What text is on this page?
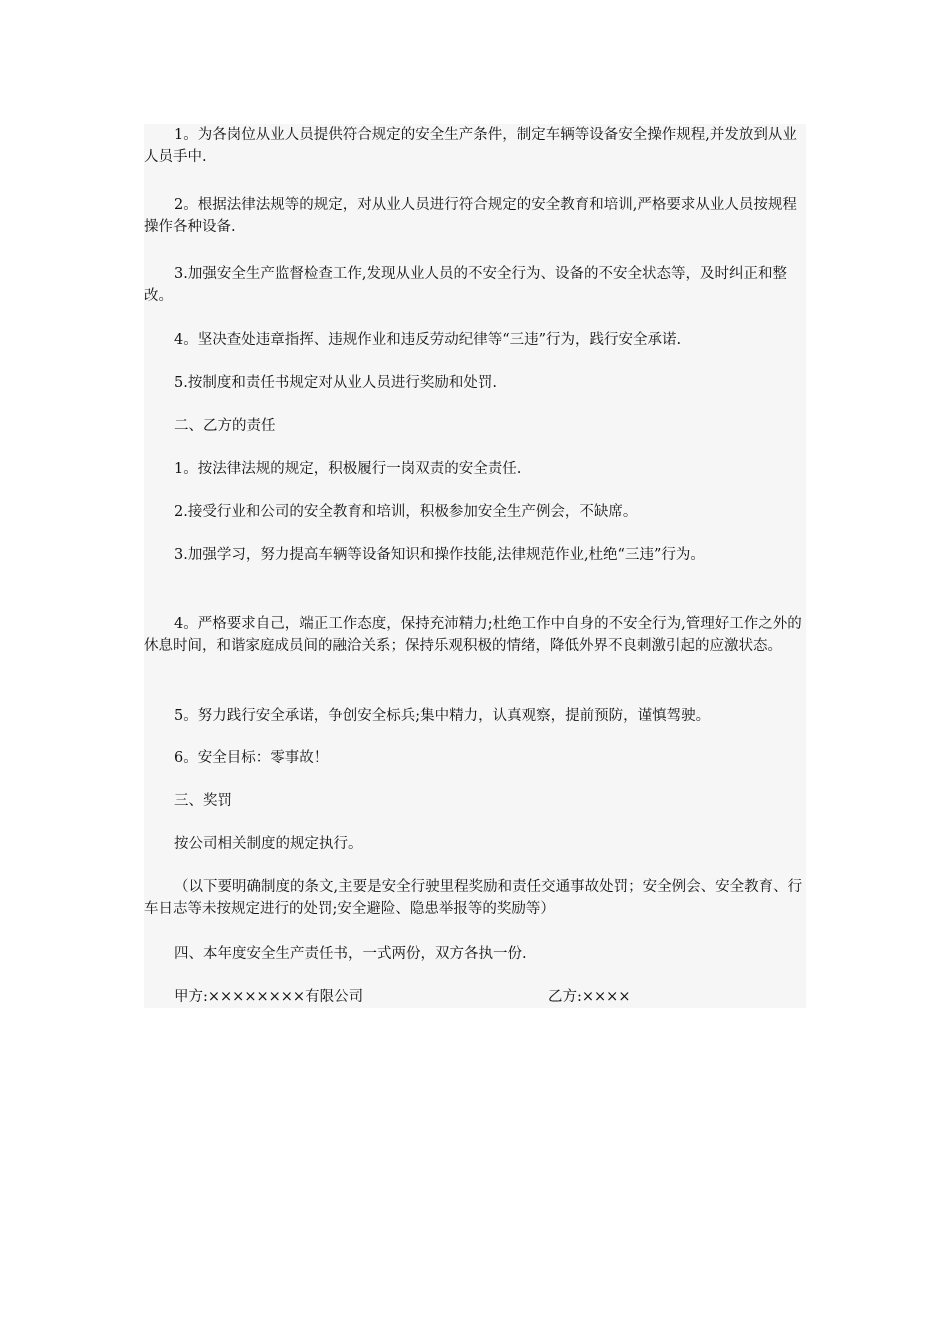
1。为各岗位从业人员提供符合规定的安全生产条件，制定车辆等设备安全操作规程,并发放到从业人员手中.

2。根据法律法规等的规定，对从业人员进行符合规定的安全教育和培训,严格要求从业人员按规程操作各种设备.

3.加强安全生产监督检查工作,发现从业人员的不安全行为、设备的不安全状态等，及时纠正和整改。

4。坚决查处违章指挥、违规作业和违反劳动纪律等“三违”行为，践行安全承诺.

5.按制度和责任书规定对从业人员进行奖励和处罚.

二、乙方的责任

1。按法律法规的规定，积极履行一岗双责的安全责任.

2.接受行业和公司的安全教育和培训，积极参加安全生产例会，不缺席。

3.加强学习，努力提高车辆等设备知识和操作技能,法律规范作业,杜绝“三违”行为。

4。严格要求自己，端正工作态度，保持充沛精力;杜绝工作中自身的不安全行为,管理好工作之外的休息时间，和谐家庭成员间的融洽关系；保持乐观积极的情绪，降低外界不良刺激引起的应激状态。

5。努力践行安全承诺，争创安全标兵;集中精力，认真观察，提前预防，谨慎驾驶。

6。安全目标：零事故！

三、奖罚

按公司相关制度的规定执行。

（以下要明确制度的条文,主要是安全行驶里程奖励和责任交通事故处罚；安全例会、安全教育、行车日志等未按规定进行的处罚;安全避险、隐患举报等的奖励等）

四、本年度安全生产责任书，一式两份，双方各执一份.

甲方:××××××××有限公司	乙方:××××
